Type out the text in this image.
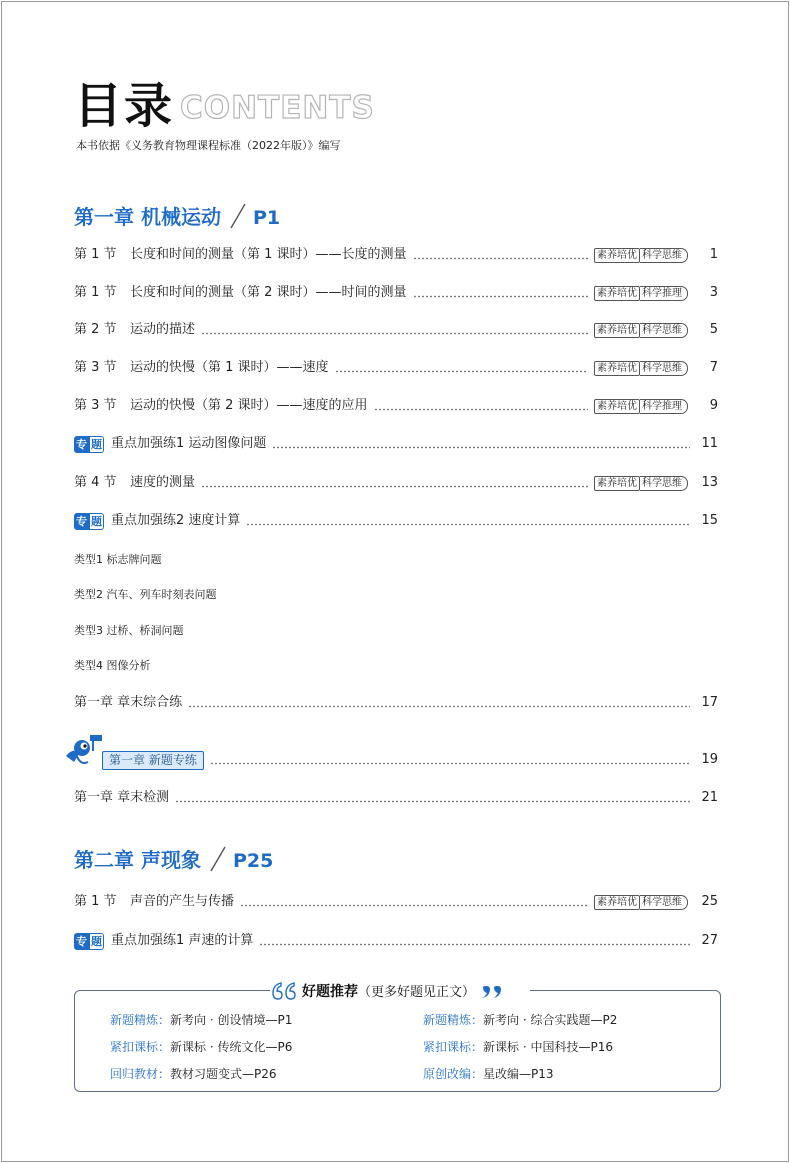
目录 CONTENTS
本书依据《义务教育物理课程标准（2022年版）》编写
第一章 机械运动 P1
第 1 节	长度和时间的测量（第 1 课时）——长度的测量	素养培优 科学思维	1
第 1 节	长度和时间的测量（第 2 课时）——时间的测量	素养培优 科学推理	3
第 2 节	运动的描述	素养培优 科学思维	5
第 3 节	运动的快慢（第 1 课时）——速度	素养培优 科学思维	7
第 3 节	运动的快慢（第 2 课时）——速度的应用	素养培优 科学推理	9
专 题 重点加强练1 运动图像问题	11
第 4 节	速度的测量	素养培优 科学思维	13
专 题 重点加强练2 速度计算	15
类型1 标志牌问题
类型2 汽车、列车时刻表问题
类型3 过桥、桥洞问题
类型4 图像分析
第一章 章末综合练	17
第一章 新题专练	19
第一章 章末检测	21
第二章 声现象 P25
第 1 节	声音的产生与传播	素养培优 科学思维	25
专 题 重点加强练1 声速的计算	27
好题推荐（更多好题见正文）
新题精炼：新考向 · 创设情境—P1	新题精炼：新考向 · 综合实践题—P2
紧扣课标：新课标 · 传统文化—P6	紧扣课标：新课标 · 中国科技—P16
回归教材：教材习题变式—P26	原创改编：星改编—P13
